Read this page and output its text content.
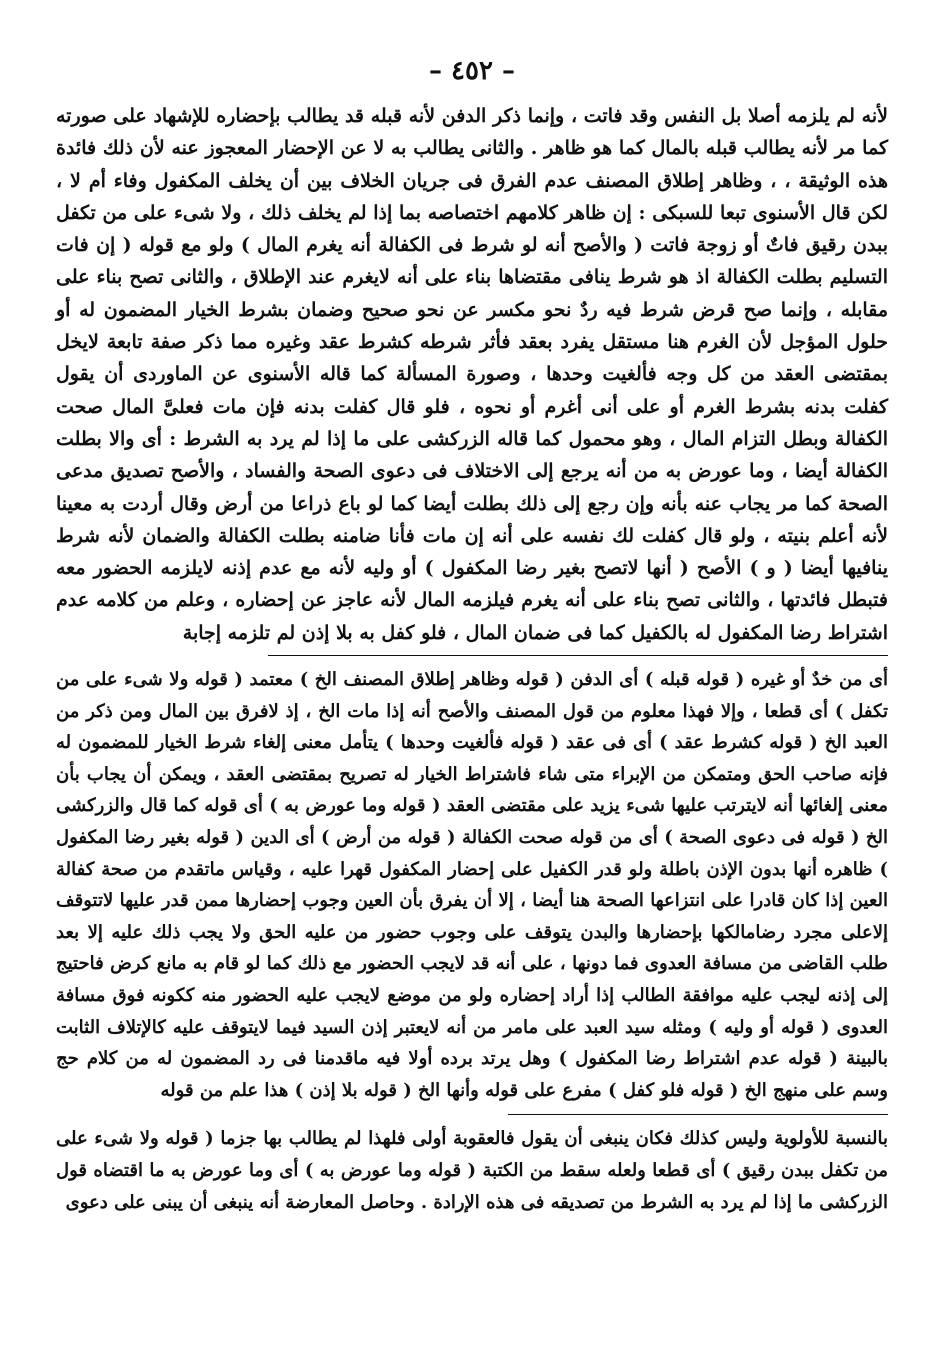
– ٤٥٢ –

لأنه لم يلزمه أصلا بل النفس وقد فاتت ، وإنما ذكر الدفن لأنه قبله قد يطالب بإحضاره للإشهاد على صورته كما مر لأنه يطالب قبله بالمال كما هو ظاهر . والثانى يطالب به لا عن الإحضار المعجوز عنه لأن ذلك فائدة هذه الوثيقة ، ، وظاهر إطلاق المصنف عدم الفرق فى جريان الخلاف بين أن يخلف المكفول وفاء أم لا ، لكن قال الأسنوى تبعا للسبكى : إن ظاهر كلامهم اختصاصه بما إذا لم يخلف ذلك ، ولا شىء على من تكفل ببدن رقيق فاتٌ أو زوجة فاتت ( والأصح أنه لو شرط فى الكفالة أنه يغرم المال ) ولو مع قوله ( إن فات التسليم بطلت الكفالة اذ هو شرط ينافى مقتضاها بناء على أنه لايغرم عند الإطلاق ، والثانى تصح بناء على مقابله ، وإنما صح قرض شرط فيه ردٌ نحو مكسر عن نحو صحيح وضمان بشرط الخيار المضمون له أو حلول المؤجل لأن الغرم هنا مستقل يفرد بعقد فأثر شرطه كشرط عقد وغيره مما ذكر صفة تابعة لايخل بمقتضى العقد من كل وجه فألغيت وحدها ، وصورة المسألة كما قاله الأسنوى عن الماوردى أن يقول كفلت بدنه بشرط الغرم أو على أنى أغرم أو نحوه ، فلو قال كفلت بدنه فإن مات فعلىَّ المال صحت الكفالة وبطل التزام المال ، وهو محمول كما قاله الزركشى على ما إذا لم يرد به الشرط : أى والا بطلت الكفالة أيضا ، وما عورض به من أنه يرجع إلى الاختلاف فى دعوى الصحة والفساد ، والأصح تصديق مدعى الصحة كما مر يجاب عنه بأنه وإن رجع إلى ذلك بطلت أيضا كما لو باع ذراعا من أرض وقال أردت به معينا لأنه أعلم بنيته ، ولو قال كفلت لك نفسه على أنه إن مات فأنا ضامنه بطلت الكفالة والضمان لأنه شرط ينافيها أيضا ( و ) الأصح ( أنها لاتصح بغير رضا المكفول ) أو وليه لأنه مع عدم إذنه لايلزمه الحضور معه فتبطل فائدتها ، والثانى تصح بناء على أنه يغرم فيلزمه المال لأنه عاجز عن إحضاره ، وعلم من كلامه عدم اشتراط رضا المكفول له بالكفيل كما فى ضمان المال ، فلو كفل به بلا إذن لم تلزمه إجابة

أى من خدٌ أو غيره ( قوله قبله ) أى الدفن ( قوله وظاهر إطلاق المصنف الخ ) معتمد ( قوله ولا شىء على من تكفل ) أى قطعا ، وإلا فهذا معلوم من قول المصنف والأصح أنه إذا مات الخ ، إذ لافرق بين المال ومن ذكر من العبد الخ ( قوله كشرط عقد ) أى فى عقد ( قوله فألغيت وحدها ) يتأمل معنى إلغاء شرط الخيار للمضمون له فإنه صاحب الحق ومتمكن من الإبراء متى شاء فاشتراط الخيار له تصريح بمقتضى العقد ، ويمكن أن يجاب بأن معنى إلغائها أنه لايترتب عليها شىء يزيد على مقتضى العقد ( قوله وما عورض به ) أى قوله كما قال والزركشى الخ ( قوله فى دعوى الصحة ) أى من قوله صحت الكفالة ( قوله من أرض ) أى الدين ( قوله بغير رضا المكفول ) ظاهره أنها بدون الإذن باطلة ولو قدر الكفيل على إحضار المكفول قهرا عليه ، وقياس ماتقدم من صحة كفالة العين إذا كان قادرا على انتزاعها الصحة هنا أيضا ، إلا أن يفرق بأن العين وجوب إحضارها ممن قدر عليها لاتتوقف إلاعلى مجرد رضامالكها بإحضارها والبدن يتوقف على وجوب حضور من عليه الحق ولا يجب ذلك عليه إلا بعد طلب القاضى من مسافة العدوى فما دونها ، على أنه قد لايجب الحضور مع ذلك كما لو قام به مانع كرض فاحتيج إلى إذنه ليجب عليه موافقة الطالب إذا أراد إحضاره ولو من موضع لايجب عليه الحضور منه ككونه فوق مسافة العدوى ( قوله أو وليه ) ومثله سيد العبد على مامر من أنه لايعتبر إذن السيد فيما لايتوقف عليه كالإتلاف الثابت بالبينة ( قوله عدم اشتراط رضا المكفول ) وهل يرتد برده أولا فيه ماقدمنا فى رد المضمون له من كلام حج وسم على منهج الخ ( قوله فلو كفل ) مفرع على قوله وأنها الخ ( قوله بلا إذن ) هذا علم من قوله

بالنسبة للأولوية وليس كذلك فكان ينبغى أن يقول فالعقوبة أولى فلهذا لم يطالب بها جزما ( قوله ولا شىء على من تكفل ببدن رقيق ) أى قطعا ولعله سقط من الكتبة ( قوله وما عورض به ) أى وما عورض به ما اقتضاه قول الزركشى ما إذا لم يرد به الشرط من تصديقه فى هذه الإرادة . وحاصل المعارضة أنه ينبغى أن يبنى على دعوى
